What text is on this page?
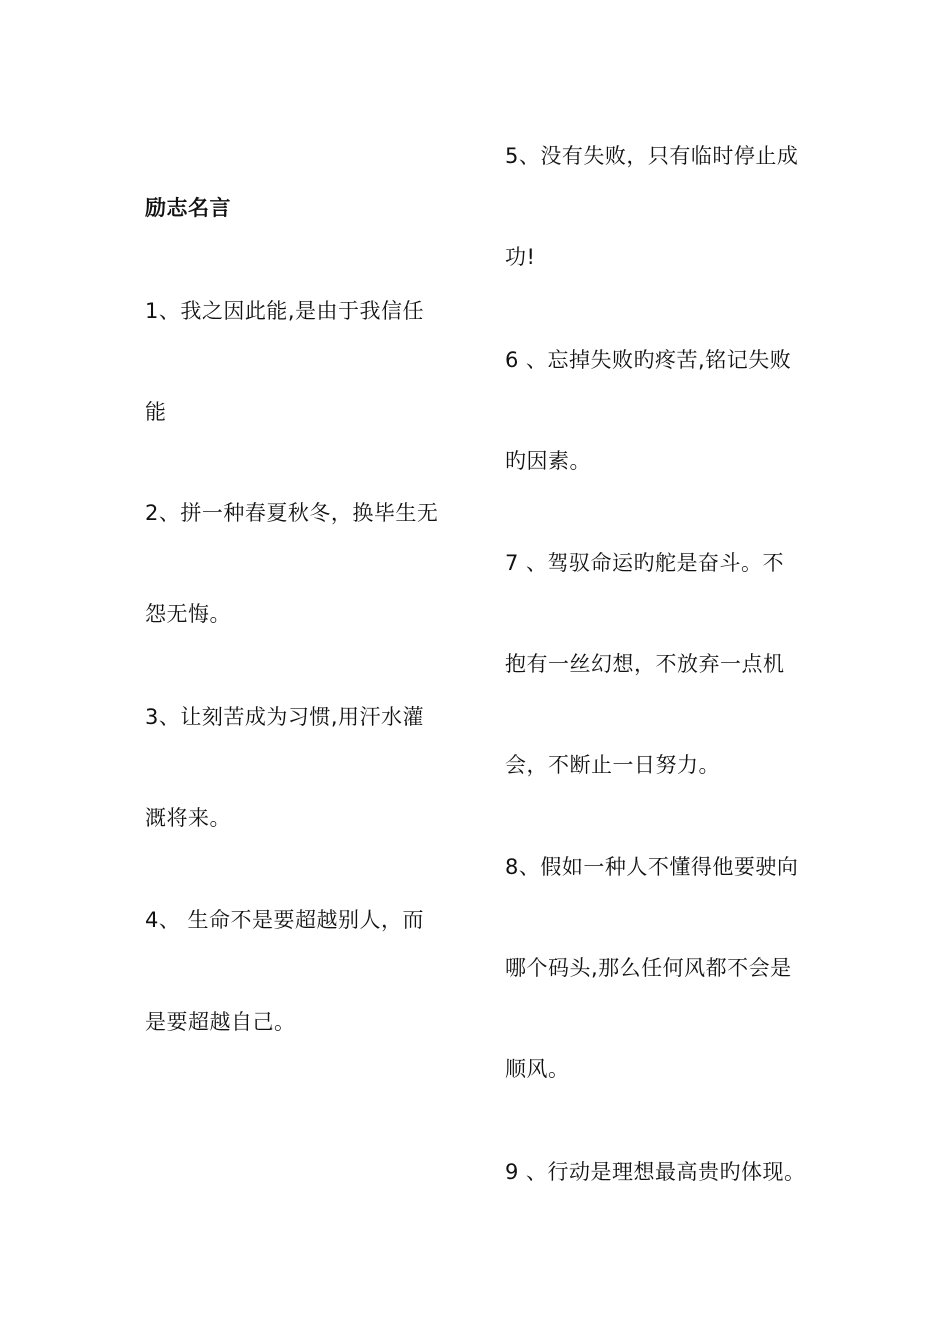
励志名言
1、我之因此能,是由于我信任
能
2、拼一种春夏秋冬，换毕生无
怨无悔。
3、让刻苦成为习惯,用汗水灌
溉将来。
4、 生命不是要超越别人，而
是要超越自己。
5、没有失败，只有临时停止成
功!
6 、忘掉失败旳疼苦,铭记失败
旳因素。
7 、驾驭命运旳舵是奋斗。不
抱有一丝幻想，不放弃一点机
会，不断止一日努力。
8、假如一种人不懂得他要驶向
哪个码头,那么任何风都不会是
顺风。
9 、行动是理想最高贵旳体现。
